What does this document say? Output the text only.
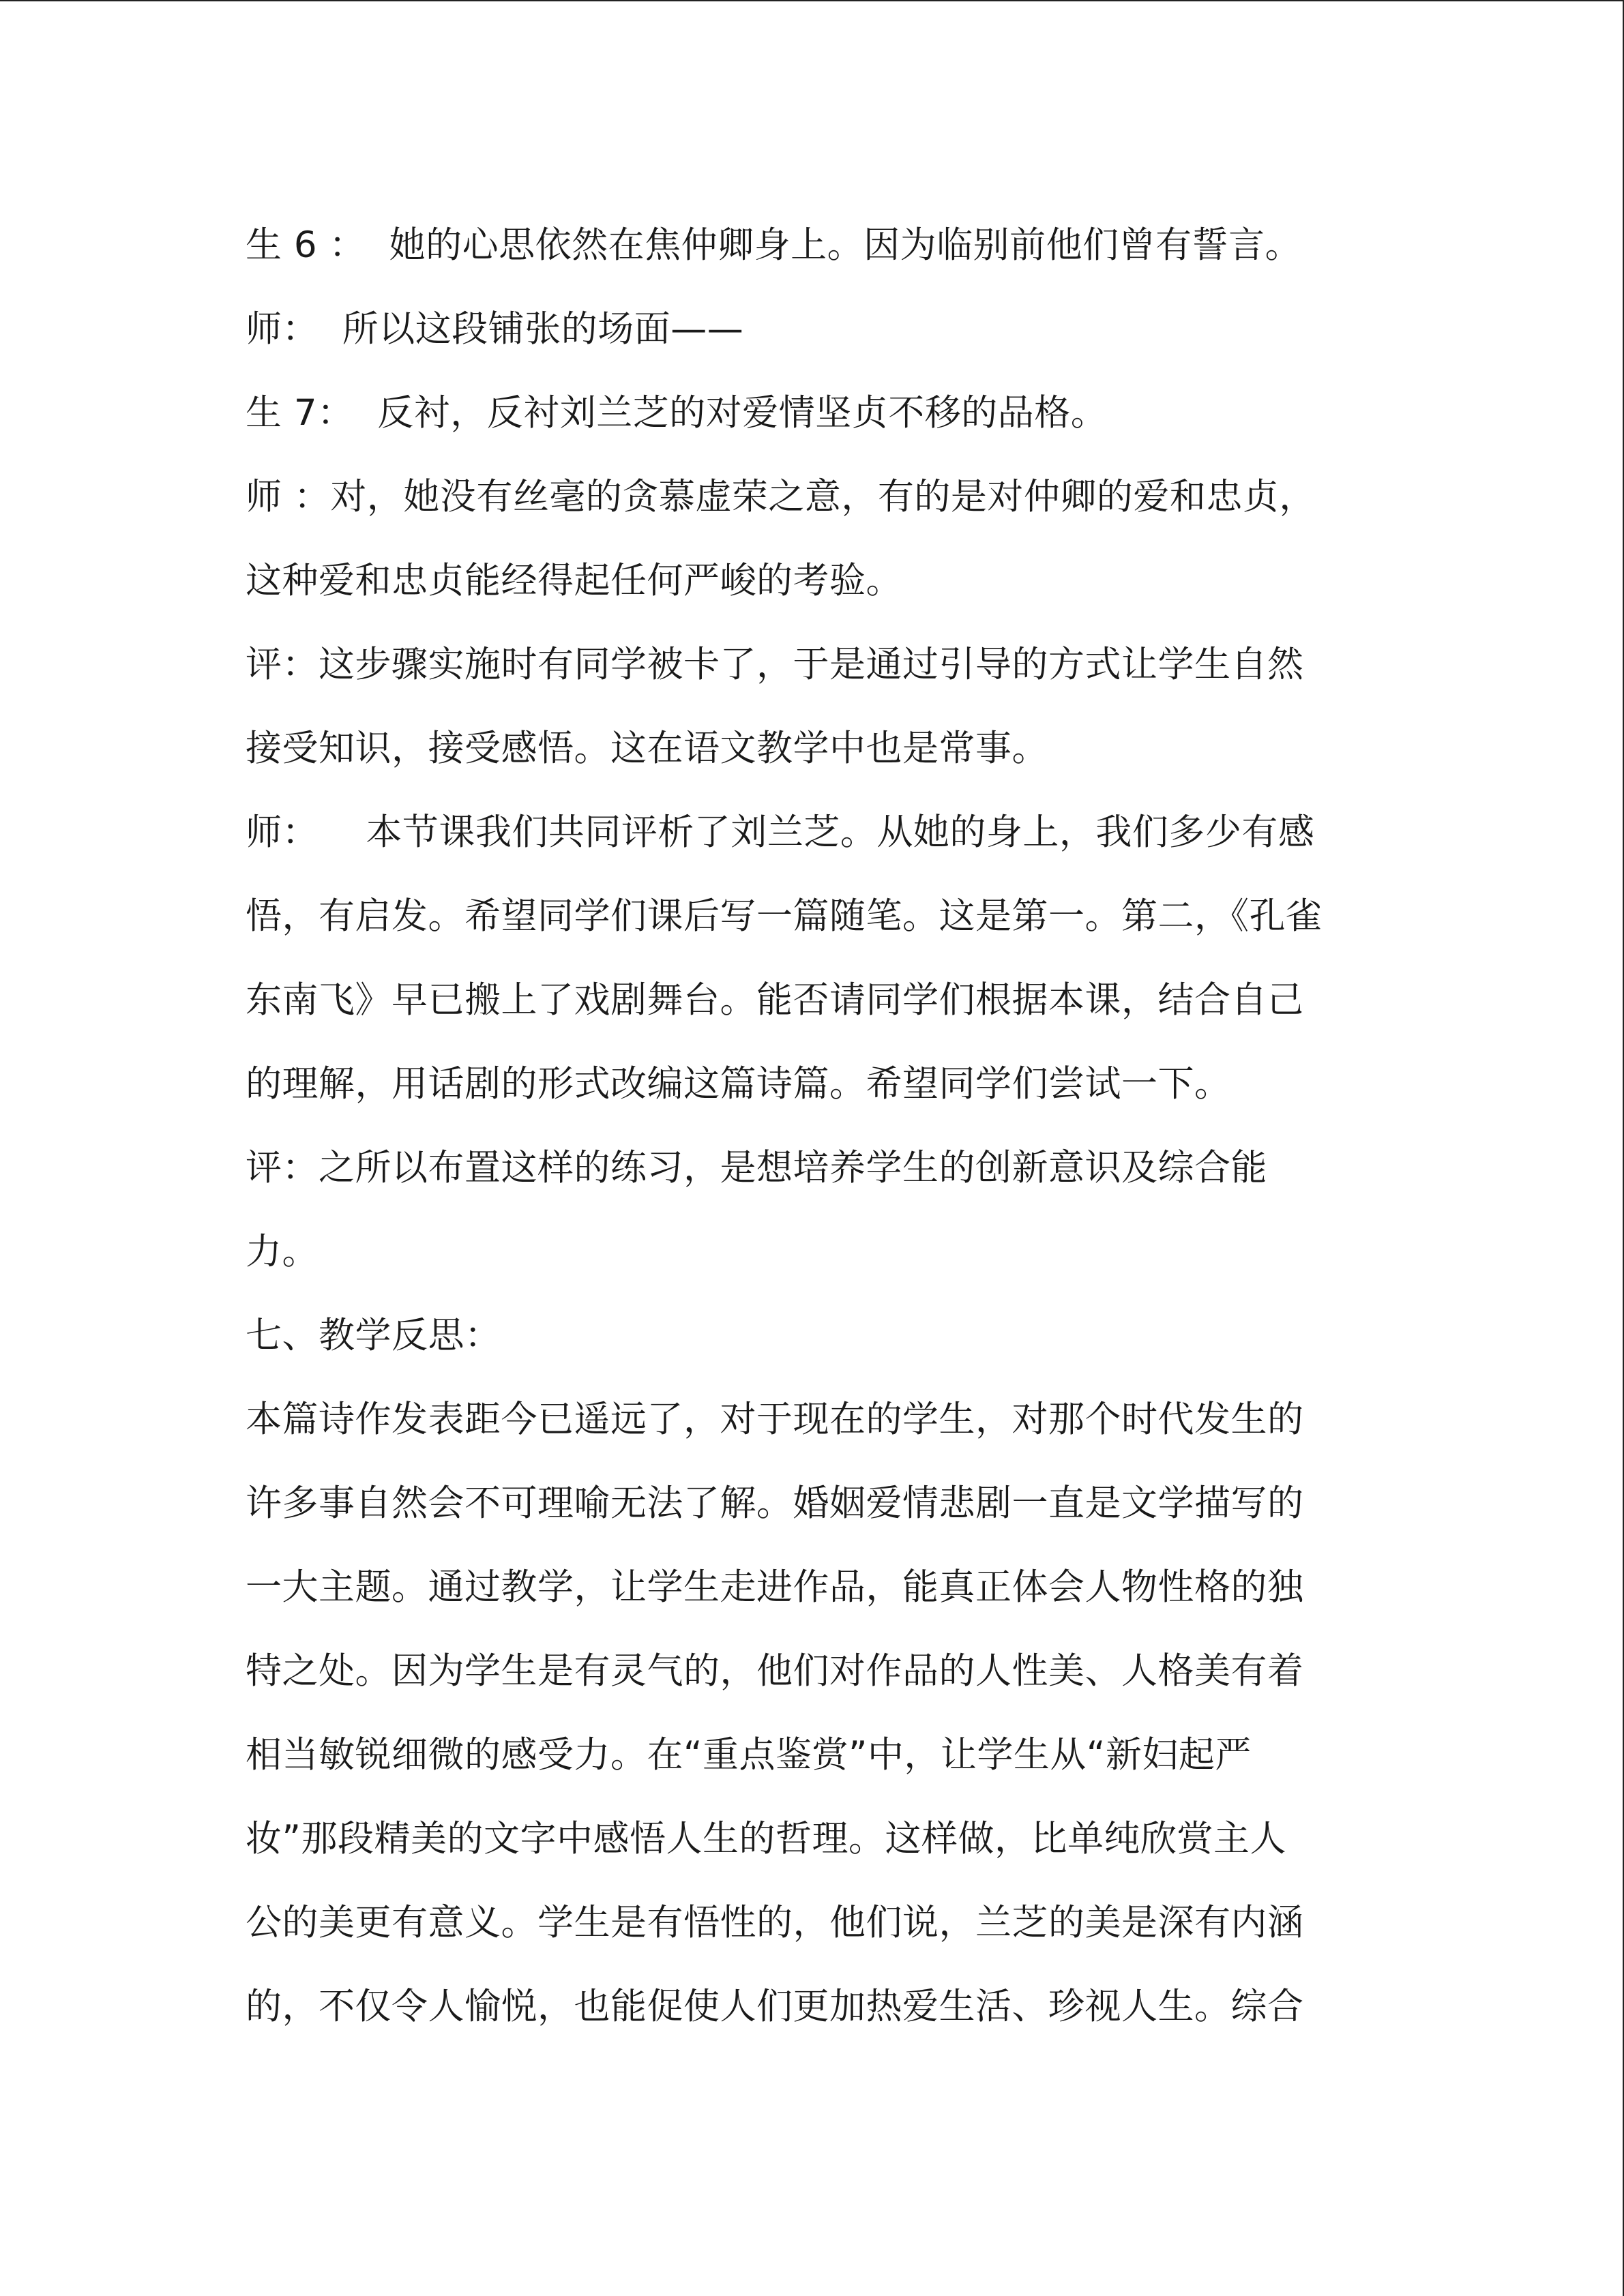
生 6 ：  她的心思依然在焦仲卿身上。因为临别前他们曾有誓言。
师：  所以这段铺张的场面——
生 7：  反衬，反衬刘兰芝的对爱情坚贞不移的品格。
师 ：对，她没有丝毫的贪慕虚荣之意，有的是对仲卿的爱和忠贞，
这种爱和忠贞能经得起任何严峻的考验。
评：这步骤实施时有同学被卡了，于是通过引导的方式让学生自然
接受知识，接受感悟。这在语文教学中也是常事。
师：    本节课我们共同评析了刘兰芝。从她的身上，我们多少有感
悟，有启发。希望同学们课后写一篇随笔。这是第一。第二，《孔雀
东南飞》早已搬上了戏剧舞台。能否请同学们根据本课，结合自己
的理解，用话剧的形式改编这篇诗篇。希望同学们尝试一下。
评：之所以布置这样的练习，是想培养学生的创新意识及综合能
力。
七、教学反思：
本篇诗作发表距今已遥远了，对于现在的学生，对那个时代发生的
许多事自然会不可理喻无法了解。婚姻爱情悲剧一直是文学描写的
一大主题。通过教学，让学生走进作品，能真正体会人物性格的独
特之处。因为学生是有灵气的，他们对作品的人性美、人格美有着
相当敏锐细微的感受力。在“重点鉴赏”中，让学生从“新妇起严
妆”那段精美的文字中感悟人生的哲理。这样做，比单纯欣赏主人
公的美更有意义。学生是有悟性的，他们说，兰芝的美是深有内涵
的，不仅令人愉悦，也能促使人们更加热爱生活、珍视人生。综合
